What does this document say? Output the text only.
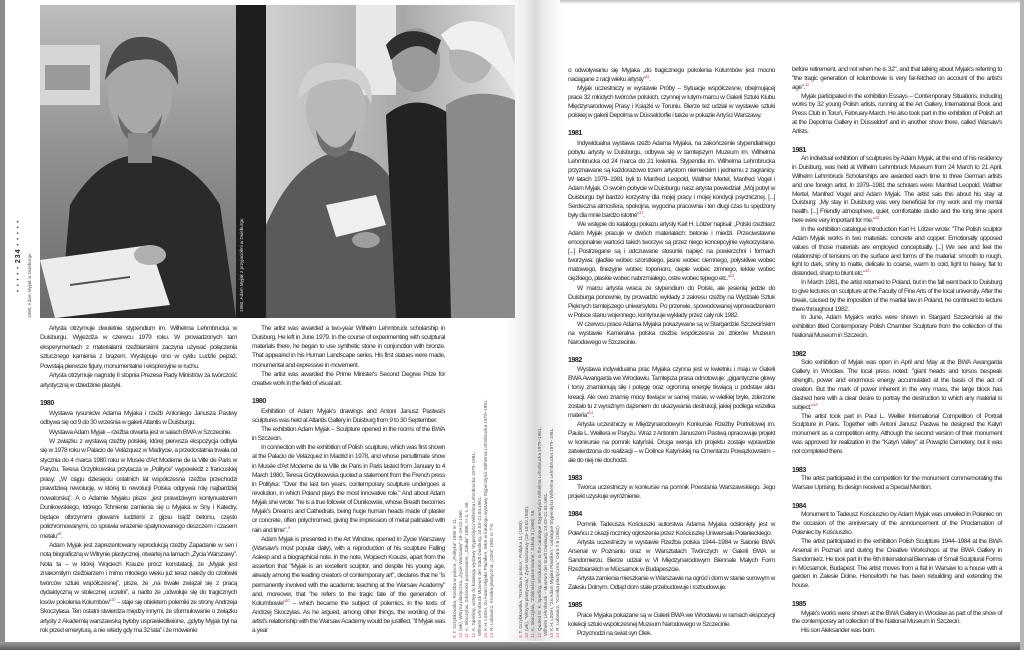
1980, Adam Myjak w Duisburgu	1980, Adam Myjak z przyjaciółmi w Duisburgu
• • • • • 234 • • • • •

Artysta otrzymuje dwuletnie stypendium im. Wilhelma Lehmbrucka w Duisburgu. Wyjeżdża w czerwcu 1979 roku. W prowadzonych tam eksperymentach z materiałami rzeźbiarskimi zaczyna używać połączenia sztucznego kamienia z brązem. Występuje ono w cyklu Ludzki pejzaż. Powstają pierwsze figury, monumentalne i ekspresyjne w ruchu.

Artysta otrzymuje nagrodę II stopnia Prezesa Rady Ministrów za twórczość artystyczną w dziedzinie plastyki.

1980

Wystawa rysunków Adama Myjaka i rzeźb Antoniego Janusza Pastwy odbywa się od 9 do 30 września w galerii Atlantis w Duisburgu.

Wystawa Adam Myjak – rzeźba otwarta jest w salach BWA w Szczecinie.

W związku z wystawą rzeźby polskiej, której pierwsza ekspozycja odbyła się w 1978 roku w Palacio de Velázquez w Madrycie, a przedostatnia trwała od stycznia do 4 marca 1980 roku w Musée d'Art Moderne de la Ville de Paris w Paryżu, Teresa Grzybkowska przytacza w „Polityce” wypowiedź z francuskiej prasy: „W ciągu dziesięciu ostatnich lat współczesna rzeźba przechodzi prawdziwą rewolucję, w której to rewolucji Polska odgrywa rolę najbardziej nowatorską”. A o Adamie Myjaku pisze: „jest prawdziwym kontynuatorem Dunikowskiego, którego Tchnienie zamienia się u Myjaka w Sny i Katedry, będące olbrzymimi głowami ludzkimi z gipsu bądź betonu, często polichromowanymi, co sprawia wrażenie spatynowanego deszczem i czasem metalu”$^9$.

Adam Myjak jest zaprezentowany reprodukcją rzeźby Zapadanie w sen i notą biograficzną w Witrynie plastycznej, otwartej na łamach „Życia Warszawy”. Nota ta – w której Wojciech Krauze prócz konstatacji, że „Myjak jest znakomitym rzeźbiarzem i mimo młodego wieku już teraz należy do czołówki twórców sztuki współczesnej”, pisze, że „na trwałe związał się z pracą dydaktyczną w stołecznej uczelni”, a nadto że „odwołuje się do tragicznych losów pokolenia Kolumbów”$^{10}$ – staje się obiektem polemiki ze strony Andrzeja Skoczylasa. Ten ostatni stwierdza między innymi, że sformułowanie o związku artysty z Akademią warszawską byłoby usprawiedliwione, „gdyby Myjak był na rok przed emeryturą, a nie wtedy gdy ma 32 lata” i że mówienie

The artist was awarded a two-year Wilhelm Lehmbruck scholarship in Duisburg. He left in June 1979. In the course of experimenting with sculptural materials there, he began to use synthetic stone in conjunction with bronze. That appeared in his Human Landscape series. His first statues were made, monumental and expressive in movement.

The artist was awarded the Prime Minister's Second Degree Prize for creative work in the field of visual art.

1980

Exhibition of Adam Myjak's drawings and Antoni Janusz Pastwa's sculptures was held at Atlantis Gallery in Duisburg from 9 to 30 September.

The exhibition Adam Myjak – Sculpture opened in the rooms of the BWA in Szczecin.

In connection with the exhibition of Polish sculpture, which was first shown at the Palacio de Velázquez in Madrid in 1978, and whose penultimate show in Musée d'Art Moderne de la Ville de Paris in Paris lasted from January to 4 March 1980, Teresa Grzybkowska quoted a statement from the French press in Polityka: "Over the last ten years, contemporary sculpture undergoes a revolution, in which Poland plays the most innovative role." And about Adam Myjak she wrote: "he is a true follower of Dunikowski, whose Breath becomes Myjak's Dreams and Cathedrals, being huge human heads made of plaster or concrete, often polychromed, giving the impression of metal patinated with rain and time".$^9$

Adam Myjak is presented in the Art Window, opened in Życie Warszawy (Warsaw's most popular daily), with a reproduction of his sculpture Falling Asleep and a biographical note. In the note, Wojciech Krauze, apart from the assertion that "Myjak is an excellent sculptor, and despite his young age, already among the leading creators of contemporary art", declares that he "is permanently involved with the academic teaching at the Warsaw Academy" and, moreover, that "he refers to the tragic fate of the generation of Kolumbowie"$^{10}$ – which became the subject of polemics, in the texts of Andrzej Skoczylas. As he argued, among other things, the wording of the artist's relationship with the Warsaw Academy would be justified, "if Myjak was a year

o odwoływaniu się Myjaka „do tragicznego pokolenia Kolumbów jest mocno naciągane z racji wieku artysty”$^{11}$.

Myjak uczestniczy w wystawie Próby – Sytuacje współczesne, obejmującej prace 32 młodych twórców polskich, czynnej w lutym-marcu w Galerii Sztuki Klubu Międzynarodowej Prasy i Książki w Toruniu. Bierze też udział w wystawie sztuki polskiej w galerii Depolma w Düsseldorfie i także w pokazie Artyści Warszawy.

1981

Indywidualna wystawa rzeźb Adama Myjaka, na zakończenie stypendialnego pobytu artysty w Duisburgu, odbywa się w tamtejszym Muzeum im. Wilhelma Lehmbrucka od 24 marca do 21 kwietnia. Stypendia im. Wilhelma Lehmbrucka przyznawane są każdorazowo trzem artystom niemieckim i jednemu z zagranicy. W latach 1979–1981 byli to Manfred Leopold, Walther Mertel, Manfred Vogel i Adam Myjak. O swoim pobycie w Duisburgu nasz artysta powiedział: „Mój pobyt w Duisburgu był bardzo korzystny dla mojej pracy i mojej kondycji psychicznej. [...] Serdeczna atmosfera, spokojna, wygodna pracownia i ten długi czas tu spędzony były dla mnie bardzo istotne”$^{12}$.

We wstępie do katalogu pokazu artysty Karl H. Lötzer napisał: „Polski rzeźbiarz Adam Myjak pracuje w dwóch materiałach: betonie i miedzi. Przeciwstawne emocjonalnie wartości takich tworzyw są przez niego koncepcyjnie wykorzystane. [...] Postrzegane są i odczuwane stosunki napięć na powierzchni i formach tworzywa: gładkie wobec szorstkiego, jasne wobec ciemnego, połyskliwe wobec matowego, finezyjne wobec toporного, ciepłe wobec zimnego, lekkie wobec ciężkiego, płaskie wobec nabrzmiałego, ostre wobec tępego etc.”$^{13}$.

W marcu artysta wraca ze stypendium do Polski, ale jesienią jedzie do Duisburga ponownie, by prowadzić wykłady z zakresu rzeźby na Wydziale Sztuk Pięknych tamtejszego uniwersytetu. Po przerwie, spowodowanej wprowadzeniem w Polsce stanu wojennego, kontynuuje wykłady przez cały rok 1982.

W czerwcu prace Adama Myjaka pokazywane są w Stargardzie Szczecińskim na wystawie Kameralna polska rzeźba współczesna ze zbiorów Muzeum Narodowego w Szczecinie.

1982

Wystawa indywidualna prac Myjaka czynna jest w kwietniu i maju w Galerii BWA Awangarda we Wrocławiu. Tamtejsza prasa odnotowuje: „gigantyczne głowy i torsy znamionują siłę i potęgę oraz ogromną energię tkwiącą u podstaw aktu kreacji. Ale owo znamię mocy tkwiące w samej masie, w wielkiej bryle, zderzone zostało tu z wyraźnym dążeniem do ukazywania destrukcji, jakiej podlega wszelka materia”$^{14}$.

Artysta uczestniczy w Międzynarodowym Konkursie Rzeźby Portretowej im. Paula L. Weillera w Paryżu. Wraz z Antonim Januszem Pastwą opracowuje projekt w konkursie na pomnik katyński. Druga wersja ich projektu zostaje wprawdzie zatwierdzona do realizacji – w Dolince Katyńskiej na Cmentarzu Powązkowskim – ale do niej nie dochodzi.

1983

Twórca uczestniczy w konkursie na pomnik Powstania Warszawskiego. Jego projekt uzyskuje wyróżnienie.

1984

Pomnik Tadeusza Kościuszki autorstwa Adama Myjaka odsłonięty jest w Połańcu z okazji rocznicy ogłoszenia przez Kościuszkę Uniwersału Połanieckiego.

Artysta uczestniczy w wystawie Rzeźba polska 1944–1984 w Salonie BWA Arsenał w Poznaniu oraz w Warsztatach Twórczych w Galerii BWA w Sandomierzu. Bierze udział w VI Międzynarodowym Biennale Małych Form Rzeźbiarskich w Mücsarnok w Budapeszcie.

Artysta zamienia mieszkanie w Warszawie na ogród i dom w stanie surowym w Zalesiu Dolnym. Odtąd dom stale przebudowuje i rozbudowuje.

1985

Prace Myjaka pokazane są w Galerii BWA we Wrocławiu w ramach ekspozycji kolekcji sztuki współczesnej Muzeum Narodowego w Szczecinie.

Przychodzi na świat syn Olek.

before retirement, and not when he is 32", and that talking about Myjak's referring to "the tragic generation of kolumbowie is very far-fetched on account of the artist's age".$^{11}$

Myjak participated in the exhibition Essays – Contemporary Situations, including works by 32 young Polish artists, running at the Art Gallery, International Book and Press Club in Toruń, February-March. He also took part in the exhibition of Polish art at the Depolma Gallery in Düsseldorf and in another show there, called Warsaw's Artists.

1981

An individual exhibition of sculptures by Adam Myjak, at the end of his residency in Duisburg, was held at Wilhelm Lehmbruck Museum from 24 March to 21 April. Wilhelm Lehmbruck Scholarships are awarded each time to three German artists and one foreign artist. In 1979–1981 the scholars were: Manfred Leopold, Walther Mertel, Manfred Vogel and Adam Myjak. The artist sais this about his stay at Duisburg: „My stay in Duisburg was very beneficial for my work and my mental health. [...] Friendly atmosphere, quiet, comfortable studio and the long time spent here were very important for me."$^{12}$

In the exhibition catalogue introduction Karl H. Lötzer wrote: "The Polish sculptor Adam Myjak works in two materials: concrete and copper. Emotionally opposed values of those materials are employed conceptually. [...] We see and feel the relationship of tensions on the surface and forms of the material: smooth to rough, light to dark, shiny to matte, delicate to coarse, warm to cold, light to heavy, flat to distended, sharp to blunt etc."$^{13}$

In March 1981, the artist returned to Poland, but in the fall went back to Duisburg to give lectures on sculpture at the Faculty of Fine Arts of the local university. After the break, caused by the imposition of the martial law in Poland, he continued to lecture there throughout 1982.

In June, Adam Myjak's works were shown in Stargard Szczeciński at the exhibition titled Contemporary Polish Chamber Sculpture from the collection of the National Museum in Szczecin.

1982

Solo exhibition of Myjak was open in April and May at the BWA Awangarda Gallery in Wrocław. The local press noted: "giant heads and torsos bespeak strength, power and enormous energy accumulated at the basis of the act of creation. But the mark of power inherent in the very mass, the large block has clashed here with a clear desire to portray the destruction to which any material is subject."$^{14}$

The artist took part in Paul L. Weiller International Competition of Portrait Sculpture in Paris. Together with Antoni Janusz Pastwa he designed the Katyń monument as a competition entry. Although the second version of their monument was approved for realization in the "Katyń Valley" at Powązki Cemetery, but it was not completed there.

1983

The artist participated in the competition for the monument commemorating the Warsaw Uprising. Its design received a Special Mention.

1984

Monument to Tadeusz Kościuszko by Adam Myjak was unveiled in Połaniec on the occasion of the anniversary of the announcement of the Proclamation of Połaniec by Kościuszko.

The artist participated in the exhibition Polish Sculpture 1944–1984 at the BWA Arsenal in Poznań and during the Creative Workshops at the BWA Gallery in Sandomierz. He took part in the 6th International Biennale of Small Sculptural Forms in Mücsarnok, Budapest. The artist moves from a flat in Warsaw to a house with a garden in Zalesie Dolne. Henceforth he has been rebuilding and extending the house.

1985

Myjak's works were shown at the BWA Gallery in Wrocław as part of the show of the contemporary art collection of the National Museum in Szczecin.

His son Aleksander was born.

9T. Grzybkowska, Rzeźba w polsce, „Polityka” 1980 nr 11.
10(wk), Witryna plastyczna, „Życie Warszawy” 18–19.02.1980.
11A. Skoczylas, Zdolności pozorowane, „Szkuła” 1980, nr 3, s. 58.
12K. Sperling, wstęp do katalogu wystawy Stypendyści Wilhelma Lehmbrucka 1979–1981, Wilhelm Lehmbruck Museum der Stadt Duisburg, 24.03–21.04.1981. 13K.H. Lötzer, Zu Adam Myjaks Plastiken, tekst w katalogu wystawy Stypendyści Wilhelma Lehmbrucka 1979–1981.
14R. Lubowicz, Kronika plastyczna, „Odra” 1982 nr 7-8.
9T. Grzybkowska, "Rzeźba w polsce," Polityka 11 (1980).
10(wk), "Witryna plastyczna," Życie Warszawy (18–19.02.1980).
11A. Skoczylas, "Zdolności pozorowane," Szkuła 3 (1980): 58.
12Quoted in: K. Sperling, introduction to the catalogue Stypendyści Wilhelma Lehmbrucka 1979–1981, Wilhelm Lehmbruck – Museum der Stadt Duisburg, 24.03–21.04.1981. 13K.H. Lötzer, "Zu Adam Myjaks Plastiken," catalogue Stypendyści Wilhelma Lehmbrucka 1979–1981.
14R. Lubowicz, "Kronika plastyczna," Odra 7-8 (1982).
